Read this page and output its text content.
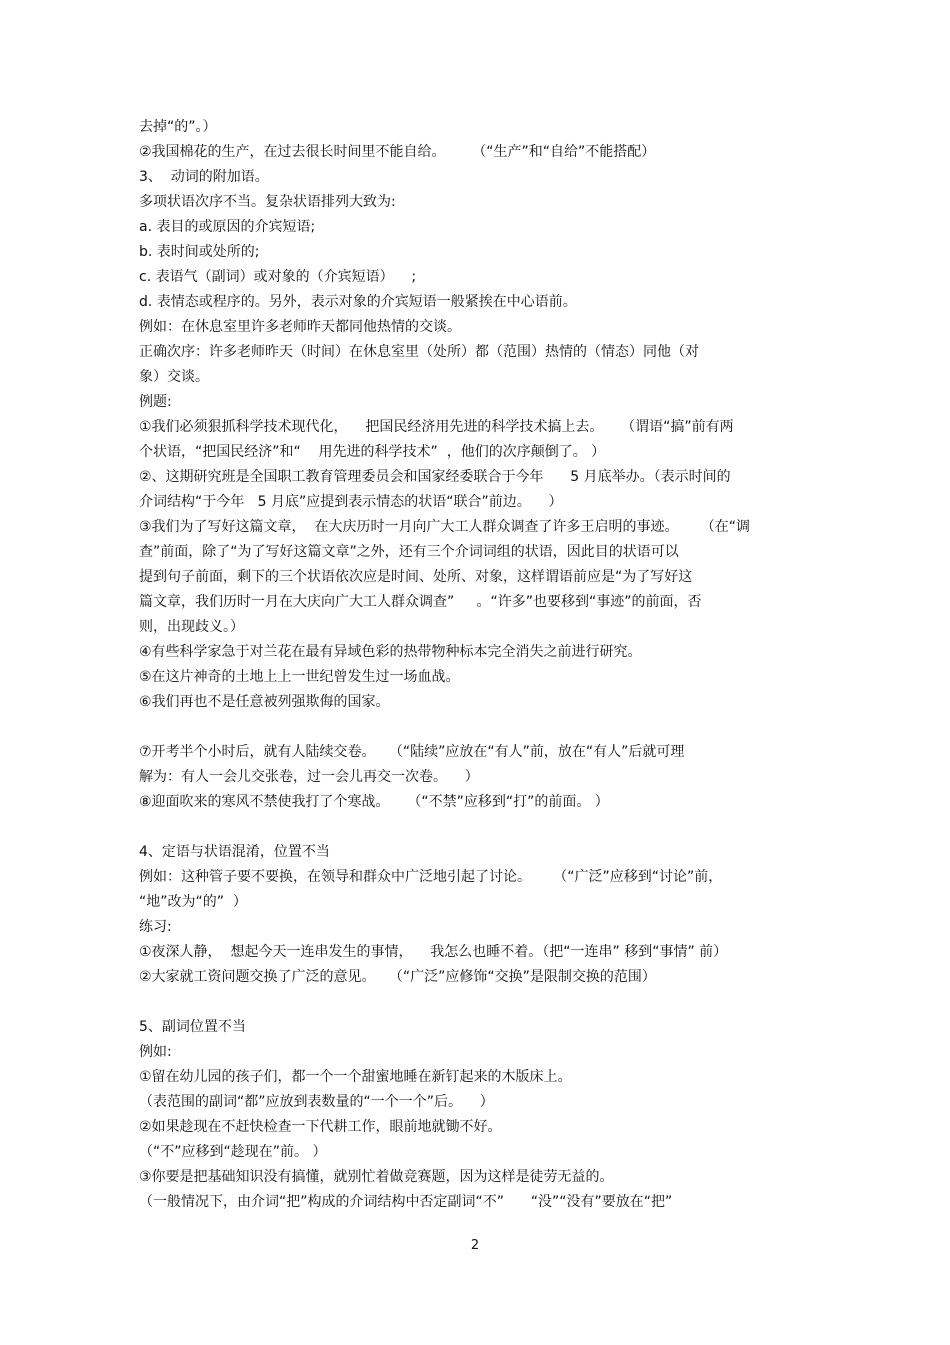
去掉“的”。）
②我国棉花的生产，在过去很长时间里不能自给。      （“生产”和“自给”不能搭配）
3、  动词的附加语。
多项状语次序不当。复杂状语排列大致为:
a. 表目的或原因的介宾短语;
b. 表时间或处所的;
c. 表语气（副词）或对象的（介宾短语）    ;
d. 表情态或程序的。另外，表示对象的介宾短语一般紧挨在中心语前。
例如：在休息室里许多老师昨天都同他热情的交谈。
正确次序：许多老师昨天（时间）在休息室里（处所）都（范围）热情的（情态）同他（对
象）交谈。
例题:
①我们必须狠抓科学技术现代化，    把国民经济用先进的科学技术搞上去。    （谓语“搞”前有两
个状语，“把国民经济”和“    用先进的科学技术”  ，他们的次序颠倒了。 ）
②、这期研究班是全国职工教育管理委员会和国家经委联合于今年      5 月底举办。（表示时间的
介词结构“于今年   5 月底”应提到表示情态的状语“联合”前边。    ）
③我们为了写好这篇文章，  在大庆历时一月向广大工人群众调查了许多王启明的事迹。     （在“调
查”前面，除了“为了写好这篇文章”之外，还有三个介词词组的状语，因此目的状语可以
提到句子前面，剩下的三个状语依次应是时间、处所、对象，这样谓语前应是“为了写好这
篇文章，我们历时一月在大庆向广大工人群众调查”     。“许多”也要移到“事迹”的前面，否
则，出现歧义。）
④有些科学家急于对兰花在最有异域色彩的热带物种标本完全消失之前进行研究。
⑤在这片神奇的土地上上一世纪曾发生过一场血战。
⑥我们再也不是任意被列强欺侮的国家。
⑦开考半个小时后，就有人陆续交卷。   （“陆续”应放在“有人”前，放在“有人”后就可理
解为：有人一会儿交张卷，过一会儿再交一次卷。    ）
⑧迎面吹来的寒风不禁使我打了个寒战。    （“不禁”应移到“打”的前面。 ）
4、定语与状语混淆，位置不当
例如：这种管子要不要换，在领导和群众中广泛地引起了讨论。     （“广泛”应移到“讨论”前，
“地”改为“的”  ）
练习:
①夜深人静，  想起今天一连串发生的事情，    我怎么也睡不着。（把“一连串” 移到“事情” 前）
②大家就工资问题交换了广泛的意见。   （“广泛”应修饰“交换”是限制交换的范围）
5、副词位置不当
例如:
①留在幼儿园的孩子们，都一个一个甜蜜地睡在新钉起来的木版床上。
（表范围的副词“都”应放到表数量的“一个一个”后。    ）
②如果趁现在不赶快检查一下代耕工作，眼前地就锄不好。
（“不”应移到“趁现在”前。 ）
③你要是把基础知识没有搞懂，就别忙着做竞赛题，因为这样是徒劳无益的。
（一般情况下，由介词“把”构成的介词结构中否定副词“不”      “没”“没有”要放在“把”
2
